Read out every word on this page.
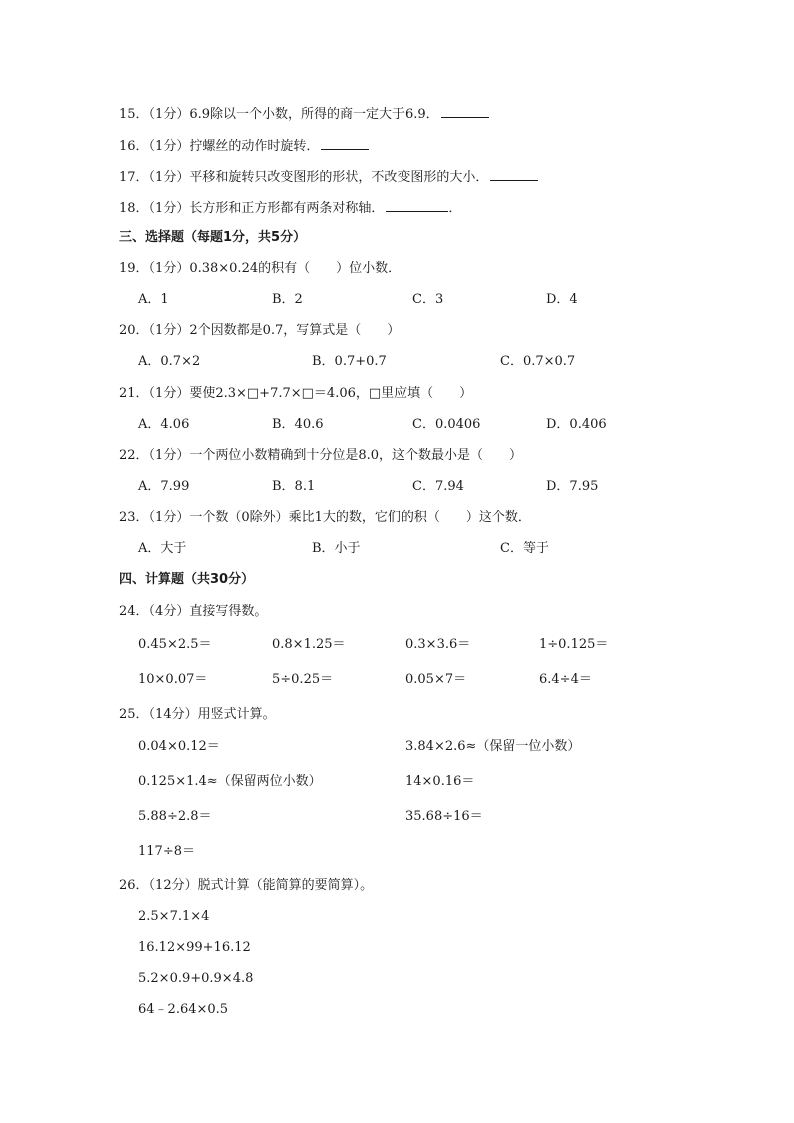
15．（1分）6.9除以一个小数，所得的商一定大于6.9．
16．（1分）拧螺丝的动作时旋转．
17．（1分）平移和旋转只改变图形的形状，不改变图形的大小．
18．（1分）长方形和正方形都有两条对称轴．	．
三、选择题（每题1分，共5分）
19．（1分）0.38×0.24的积有（　　）位小数．
A．1	B．2	C．3	D．4
20．（1分）2个因数都是0.7，写算式是（　　）
A．0.7×2	B．0.7+0.7	C．0.7×0.7
21．（1分）要使2.3×□+7.7×□＝4.06，□里应填（　　）
A．4.06	B．40.6	C．0.0406	D．0.406
22．（1分）一个两位小数精确到十分位是8.0，这个数最小是（　　）
A．7.99	B．8.1	C．7.94	D．7.95
23．（1分）一个数（0除外）乘比1大的数，它们的积（　　）这个数．
A．大于	B．小于	C．等于
四、计算题（共30分）
24．（4分）直接写得数。
0.45×2.5＝	0.8×1.25＝	0.3×3.6＝	1÷0.125＝
10×0.07＝	5÷0.25＝	0.05×7＝	6.4÷4＝
25．（14分）用竖式计算。
0.04×0.12＝	3.84×2.6≈（保留一位小数）
0.125×1.4≈（保留两位小数）	14×0.16＝
5.88÷2.8＝	35.68÷16＝
117÷8＝
26．（12分）脱式计算（能简算的要简算）。
2.5×7.1×4
16.12×99+16.12
5.2×0.9+0.9×4.8
64﹣2.64×0.5
